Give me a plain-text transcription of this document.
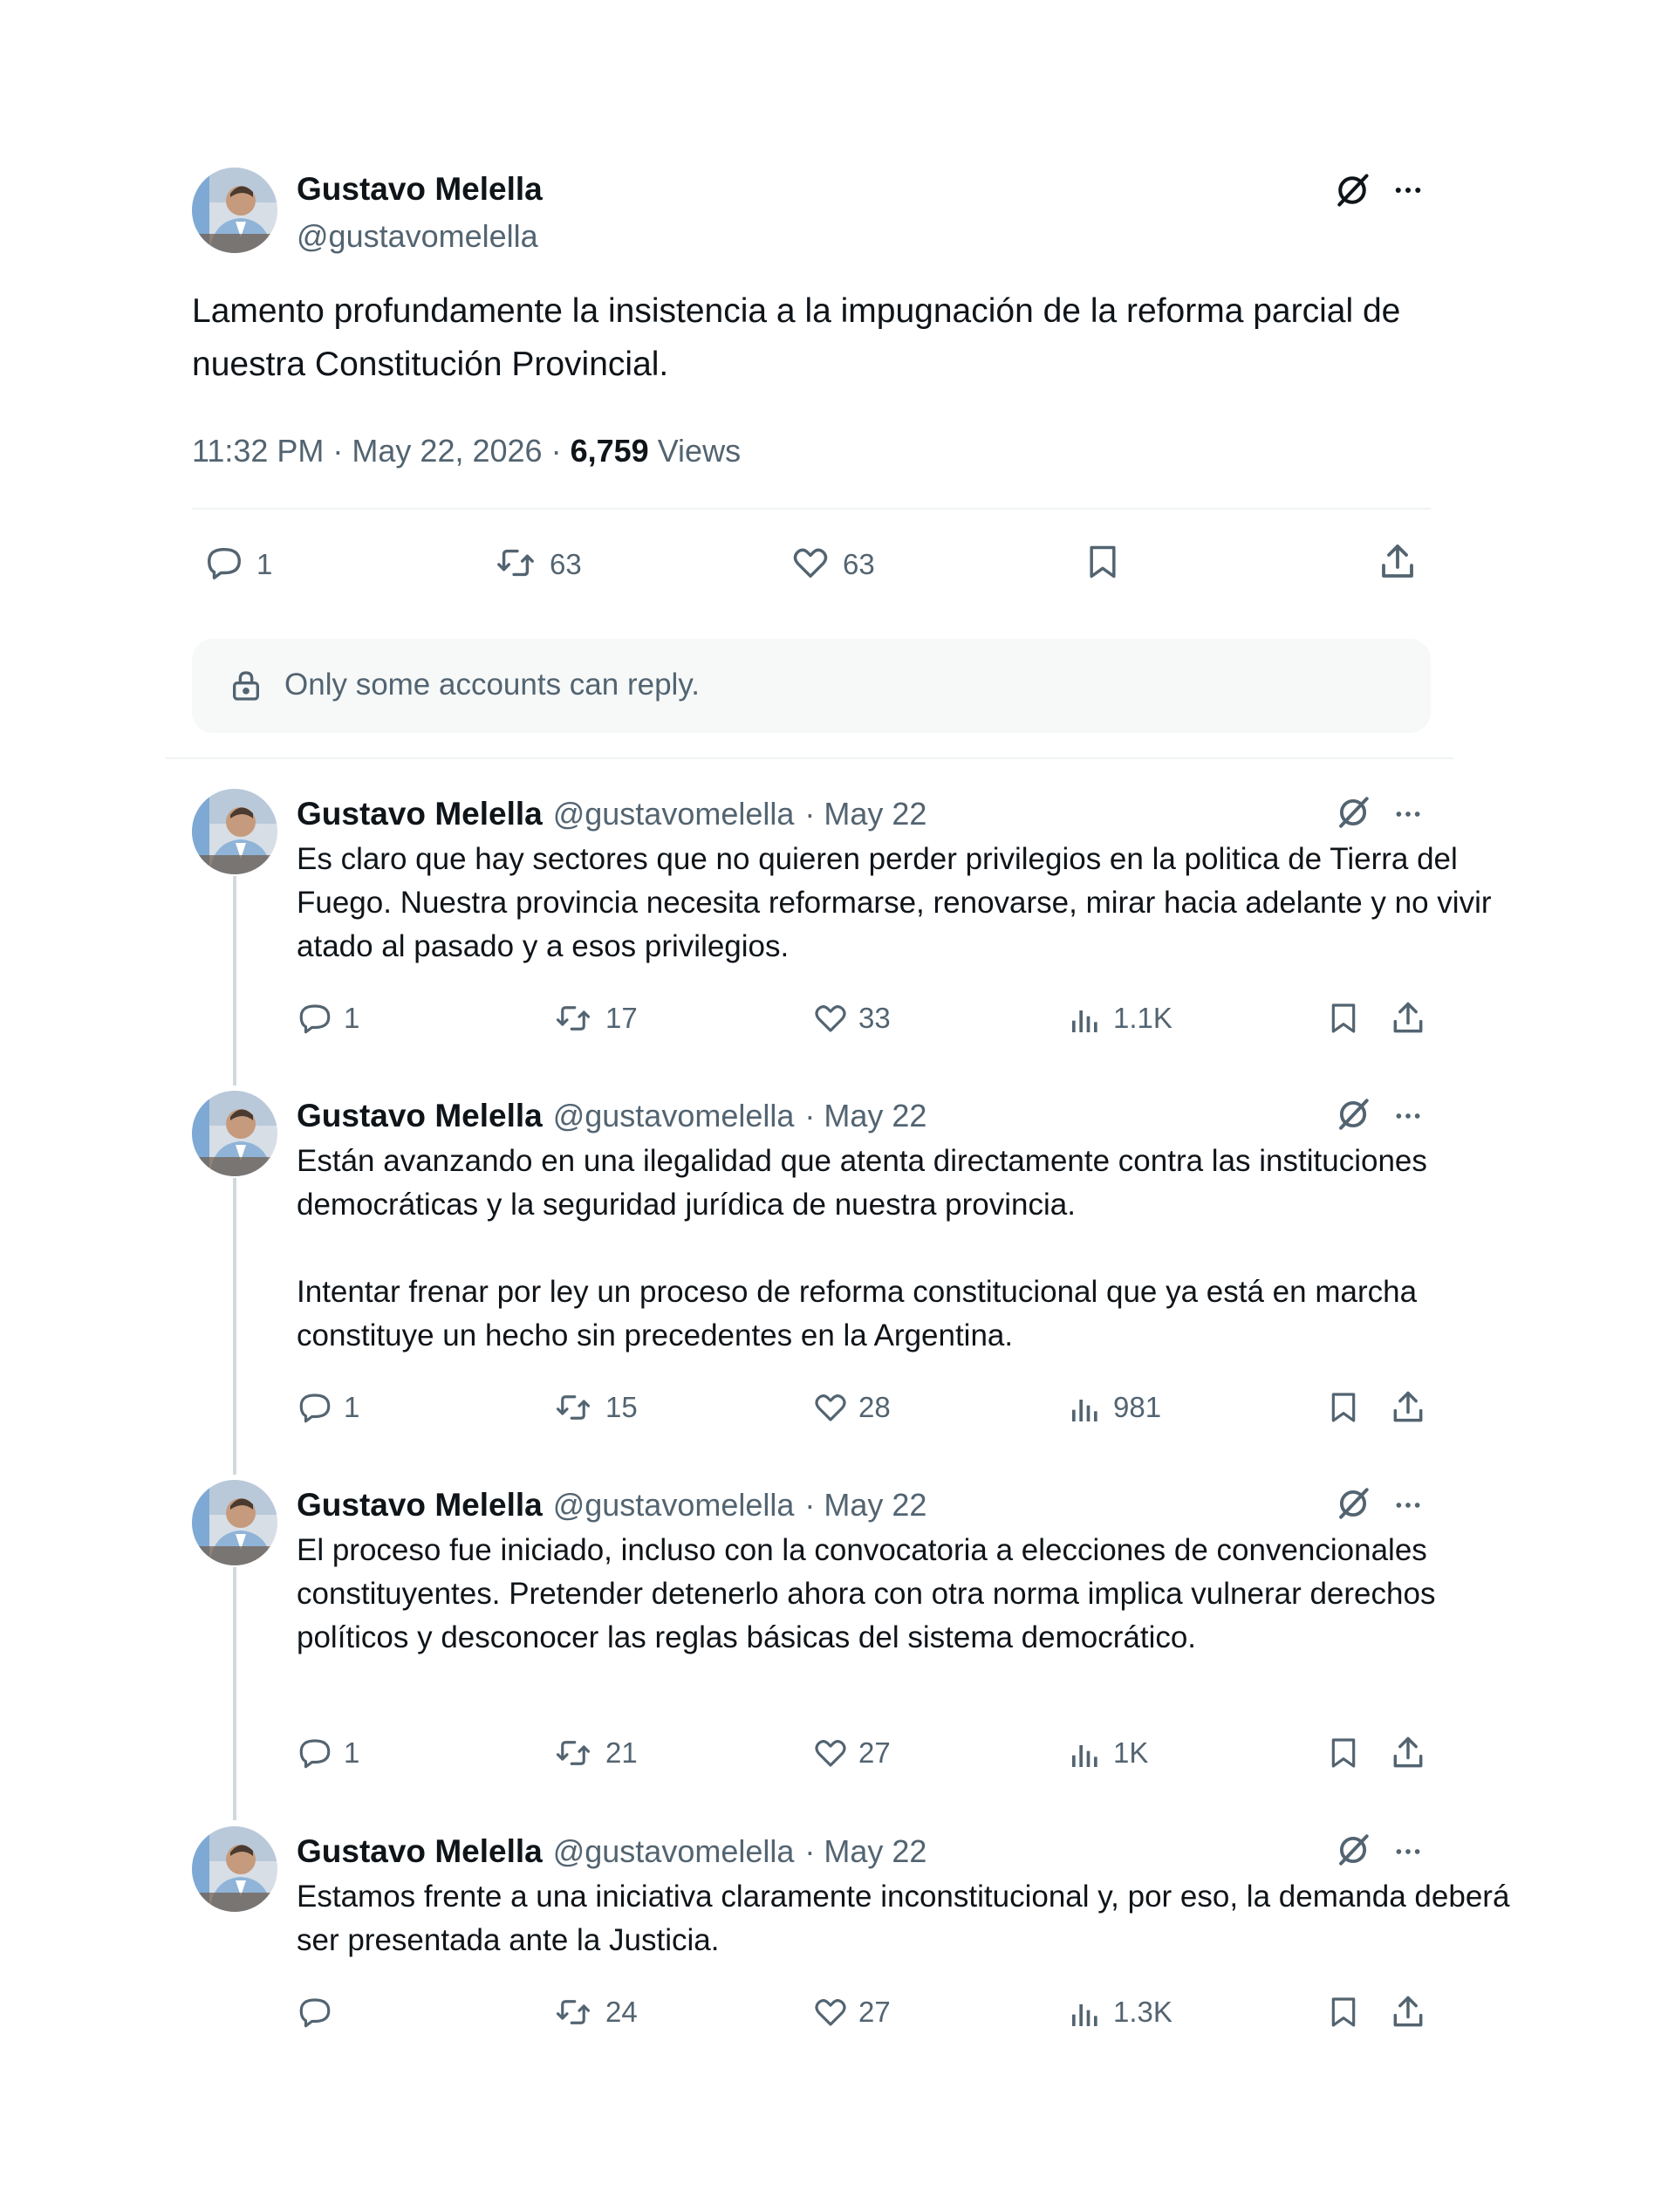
Gustavo Melella
@gustavomelella
Lamento profundamente la insistencia a la impugnación de la reforma parcial de nuestra Constitución Provincial.
11:32 PM · May 22, 2026 · 6,759 Views
1	63	63
Only some accounts can reply.
Gustavo Melella @gustavomelella · May 22
Es claro que hay sectores que no quieren perder privilegios en la politica de Tierra del Fuego. Nuestra provincia necesita reformarse, renovarse, mirar hacia adelante y no vivir atado al pasado y a esos privilegios.
1	17	33	1.1K
Gustavo Melella @gustavomelella · May 22
Están avanzando en una ilegalidad que atenta directamente contra las instituciones democráticas y la seguridad jurídica de nuestra provincia.

Intentar frenar por ley un proceso de reforma constitucional que ya está en marcha constituye un hecho sin precedentes en la Argentina.
1	15	28	981
Gustavo Melella @gustavomelella · May 22
El proceso fue iniciado, incluso con la convocatoria a elecciones de convencionales constituyentes. Pretender detenerlo ahora con otra norma implica vulnerar derechos políticos y desconocer las reglas básicas del sistema democrático.
1	21	27	1K
Gustavo Melella @gustavomelella · May 22
Estamos frente a una iniciativa claramente inconstitucional y, por eso, la demanda deberá ser presentada ante la Justicia.
24	27	1.3K
